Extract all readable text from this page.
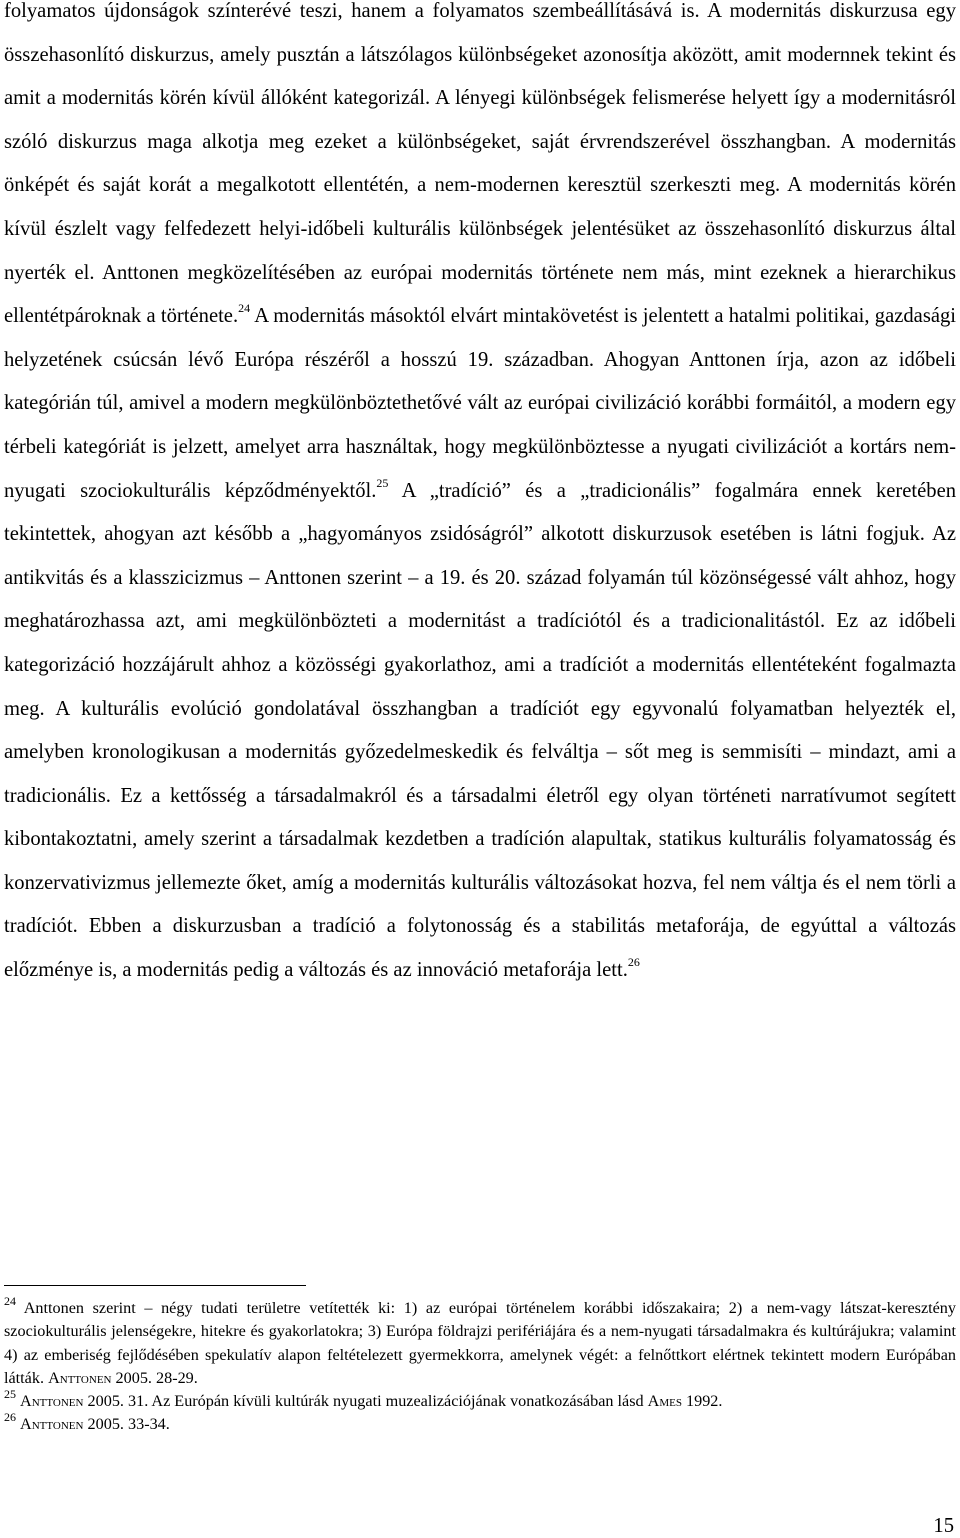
folyamatos újdonságok színterévé teszi, hanem a folyamatos szembeállításává is. A modernitás diskurzusa egy összehasonlító diskurzus, amely pusztán a látszólagos különbségeket azonosítja aközött, amit modernnek tekint és amit a modernitás körén kívül állóként kategorizál. A lényegi különbségek felismerése helyett így a modernitásról szóló diskurzus maga alkotja meg ezeket a különbségeket, saját érvrendszerével összhangban. A modernitás önképét és saját korát a megalkotott ellentétén, a nem-modernen keresztül szerkeszti meg. A modernitás körén kívül észlelt vagy felfedezett helyi-időbeli kulturális különbségek jelentésüket az összehasonlító diskurzus által nyerték el. Anttonen megközelítésében az európai modernitás története nem más, mint ezeknek a hierarchikus ellentétpároknak a története.$^{24}$ A modernitás másoktól elvárt mintakövetést is jelentett a hatalmi politikai, gazdasági helyzetének csúcsán lévő Európa részéről a hosszú 19. században. Ahogyan Anttonen írja, azon az időbeli kategórián túl, amivel a modern megkülönböztethetővé vált az európai civilizáció korábbi formáitól, a modern egy térbeli kategóriát is jelzett, amelyet arra használtak, hogy megkülönböztesse a nyugati civilizációt a kortárs nem-nyugati szociokulturális képződményektől.$^{25}$ A „tradíció” és a „tradicionális” fogalmára ennek keretében tekintettek, ahogyan azt később a „hagyományos zsidóságról” alkotott diskurzusok esetében is látni fogjuk. Az antikvitás és a klasszicizmus – Anttonen szerint – a 19. és 20. század folyamán túl közönségessé vált ahhoz, hogy meghatározhassa azt, ami megkülönbözteti a modernitást a tradíciótól és a tradicionalitástól. Ez az időbeli kategorizáció hozzájárult ahhoz a közösségi gyakorlathoz, ami a tradíciót a modernitás ellentéteként fogalmazta meg. A kulturális evolúció gondolatával összhangban a tradíciót egy egyvonalú folyamatban helyezték el, amelyben kronologikusan a modernitás győzedelmeskedik és felváltja – sőt meg is semmisíti – mindazt, ami a tradicionális. Ez a kettősség a társadalmakról és a társadalmi életről egy olyan történeti narratívumot segített kibontakoztatni, amely szerint a társadalmak kezdetben a tradíción alapultak, statikus kulturális folyamatosság és konzervativizmus jellemezte őket, amíg a modernitás kulturális változásokat hozva, fel nem váltja és el nem törli a tradíciót. Ebben a diskurzusban a tradíció a folytonosság és a stabilitás metaforája, de egyúttal a változás előzménye is, a modernitás pedig a változás és az innováció metaforája lett.$^{26}$

$^{24}$ Anttonen szerint – négy tudati területre vetítették ki: 1) az európai történelem korábbi időszakaira; 2) a nem-vagy látszat-keresztény szociokulturális jelenségekre, hitekre és gyakorlatokra; 3) Európa földrajzi perifériájára és a nem-nyugati társadalmakra és kultúrájukra; valamint 4) az emberiség fejlődésében spekulatív alapon feltételezett gyermekkorra, amelynek végét: a felnőttkort elértnek tekintett modern Európában látták. Anttonen 2005. 28-29.

$^{25}$ Anttonen 2005. 31. Az Európán kívüli kultúrák nyugati muzealizációjának vonatkozásában lásd Ames 1992.

$^{26}$ Anttonen 2005. 33-34.

15
